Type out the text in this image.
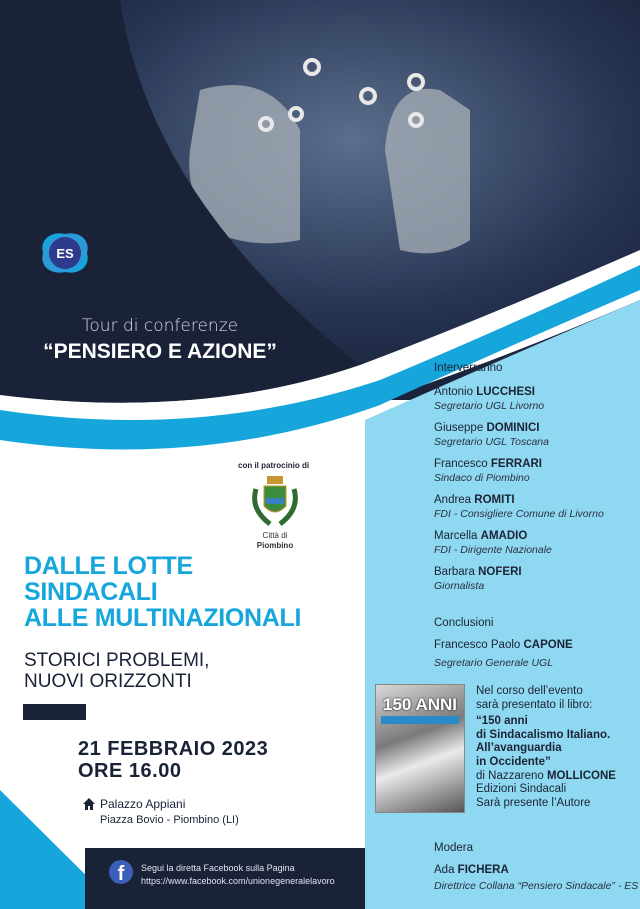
ES
Tour di conferenze
“PENSIERO E AZIONE”
Interverranno
Antonio LUCCHESI
Segretario UGL Livorno
Giuseppe DOMINICI
Segretario UGL Toscana
Francesco FERRARI
Sindaco di Piombino
Andrea ROMITI
FDI - Consigliere Comune di Livorno
Marcella AMADIO
FDI - Dirigente Nazionale
Barbara NOFERI
Giornalista
Conclusioni
Francesco Paolo CAPONE
Segretario Generale UGL
con il patrocinio di
Città di
Piombino
DALLE LOTTE
SINDACALI
ALLE MULTINAZIONALI
STORICI PROBLEMI,
NUOVI ORIZZONTI
21 FEBBRAIO 2023
ORE 16.00
Palazzo Appiani
Piazza Bovio - Piombino (LI)
f	Segui la diretta Facebook sulla Pagina
https://www.facebook.com/unionegeneralelavoro
150 ANNI
Nel corso dell’evento
sarà presentato il libro:
“150 anni
di Sindacalismo Italiano.
All’avanguardia
in Occidente”
di Nazzareno MOLLICONE
Edizioni Sindacali
Sarà presente l’Autore
Modera
Ada FICHERA
Direttrice Collana “Pensiero Sindacale” - ES
